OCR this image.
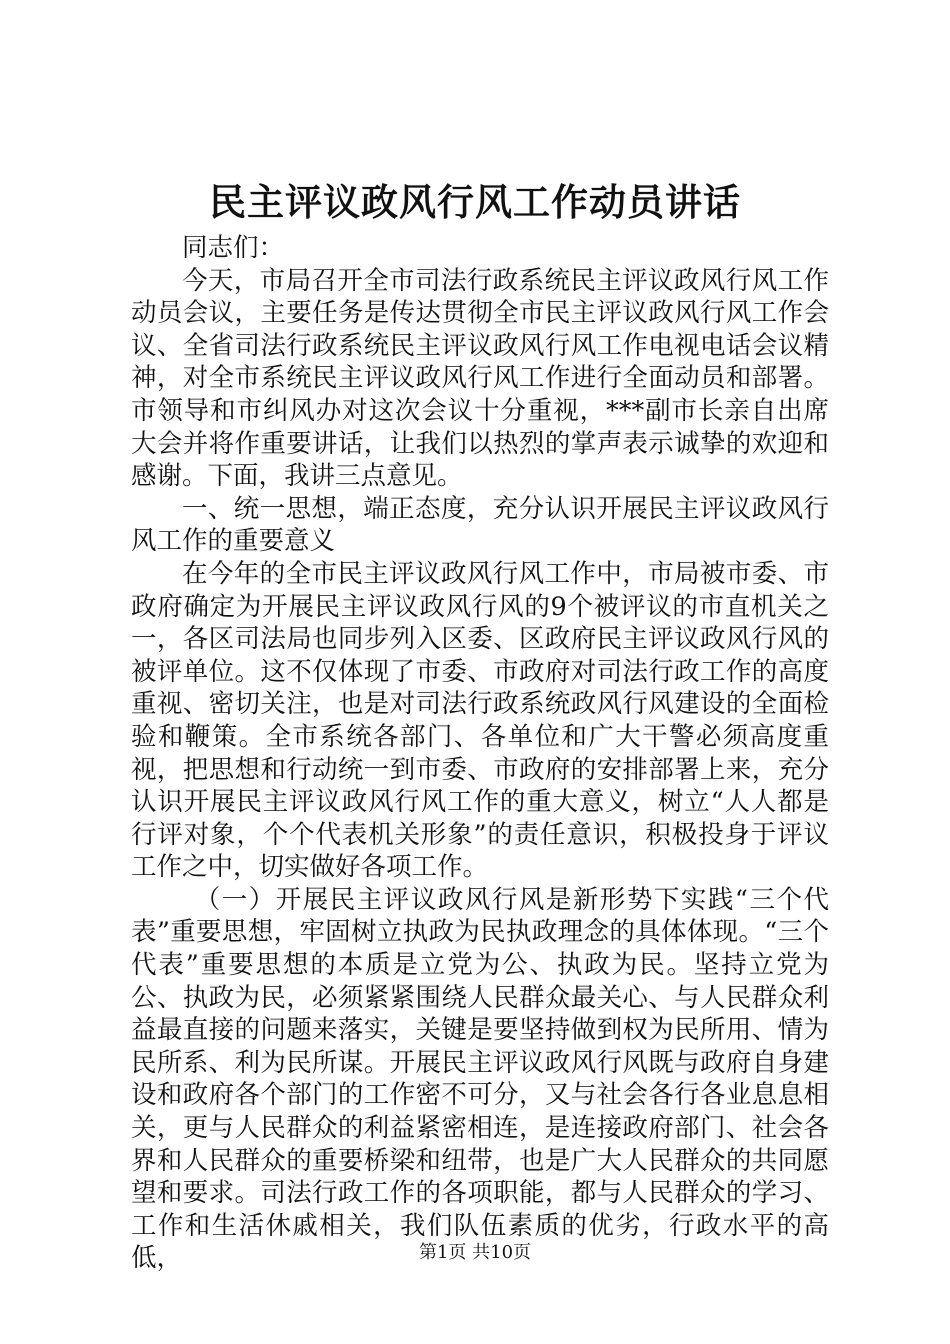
民主评议政风行风工作动员讲话

同志们：

今天，市局召开全市司法行政系统民主评议政风行风工作动员会议，主要任务是传达贯彻全市民主评议政风行风工作会议、全省司法行政系统民主评议政风行风工作电视电话会议精神，对全市系统民主评议政风行风工作进行全面动员和部署。市领导和市纠风办对这次会议十分重视，***副市长亲自出席大会并将作重要讲话，让我们以热烈的掌声表示诚挚的欢迎和感谢。下面，我讲三点意见。

一、统一思想，端正态度，充分认识开展民主评议政风行风工作的重要意义

在今年的全市民主评议政风行风工作中，市局被市委、市政府确定为开展民主评议政风行风的9个被评议的市直机关之一，各区司法局也同步列入区委、区政府民主评议政风行风的被评单位。这不仅体现了市委、市政府对司法行政工作的高度重视、密切关注，也是对司法行政系统政风行风建设的全面检验和鞭策。全市系统各部门、各单位和广大干警必须高度重视，把思想和行动统一到市委、市政府的安排部署上来，充分认识开展民主评议政风行风工作的重大意义，树立“人人都是行评对象，个个代表机关形象”的责任意识，积极投身于评议工作之中，切实做好各项工作。

（一）开展民主评议政风行风是新形势下实践“三个代表”重要思想，牢固树立执政为民执政理念的具体体现。“三个代表”重要思想的本质是立党为公、执政为民。坚持立党为公、执政为民，必须紧紧围绕人民群众最关心、与人民群众利益最直接的问题来落实，关键是要坚持做到权为民所用、情为民所系、利为民所谋。开展民主评议政风行风既与政府自身建设和政府各个部门的工作密不可分，又与社会各行各业息息相关，更与人民群众的利益紧密相连，是连接政府部门、社会各界和人民群众的重要桥梁和纽带，也是广大人民群众的共同愿望和要求。司法行政工作的各项职能，都与人民群众的学习、工作和生活休戚相关，我们队伍素质的优劣，行政水平的高低，	第1页 共10页
